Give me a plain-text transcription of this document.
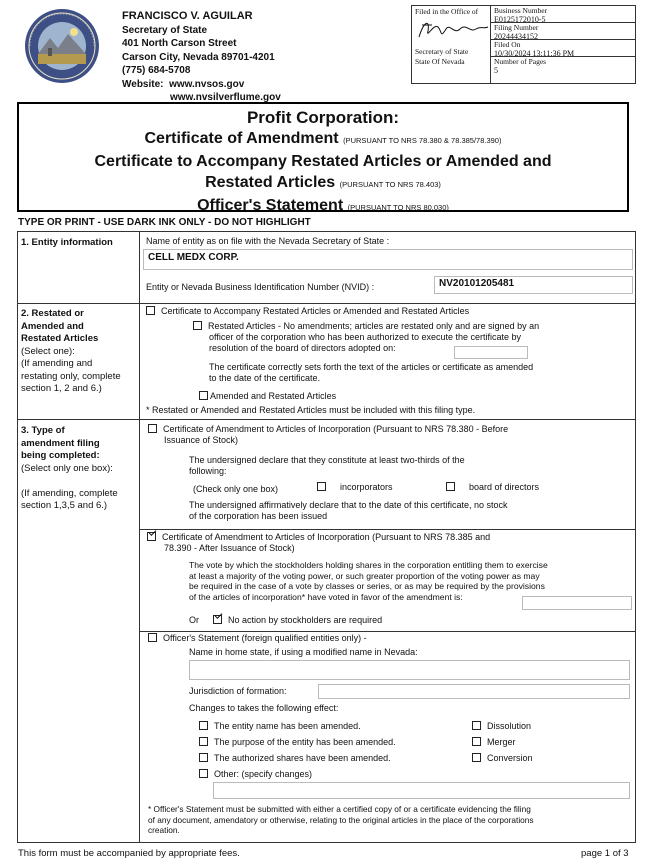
FRANCISCO V. AGUILAR
Secretary of State
401 North Carson Street
Carson City, Nevada 89701-4201
(775) 684-5708
Website: www.nvsos.gov
www.nvsilverflume.gov
Filed in the Office of
Secretary of State
State Of Nevada
Business Number
E0125172010-5
Filing Number
20244434152
Filed On
10/30/2024 13:11:36 PM
Number of Pages
5
Profit Corporation:
Certificate of Amendment (PURSUANT TO NRS 78.380 & 78.385/78.390)
Certificate to Accompany Restated Articles or Amended and
Restated Articles (PURSUANT TO NRS 78.403)
Officer's Statement (PURSUANT TO NRS 80.030)
TYPE OR PRINT - USE DARK INK ONLY - DO NOT HIGHLIGHT
1. Entity information	Name of entity as on file with the Nevada Secretary of State :
CELL MEDX CORP.
Entity or Nevada Business Identification Number (NVID) :	NV20101205481
2. Restated or
Amended and
Restated Articles
(Select one):
(If amending and
restating only, complete
section 1, 2 and 6.)
Certificate to Accompany Restated Articles or Amended and Restated Articles
Restated Articles - No amendments; articles are restated only and are signed by an
officer of the corporation who has been authorized to execute the certificate by
resolution of the board of directors adopted on:
The certificate correctly sets forth the text of the articles or certificate as amended
to the date of the certificate.
Amended and Restated Articles
* Restated or Amended and Restated Articles must be included with this filing type.
3. Type of
amendment filing
being completed:
(Select only one box):

(If amending, complete
section 1,3,5 and 6.)
Certificate of Amendment to Articles of Incorporation (Pursuant to NRS 78.380 - Before
Issuance of Stock)
The undersigned declare that they constitute at least two-thirds of the
following:
(Check only one box)	incorporators	board of directors
The undersigned affirmatively declare that to the date of this certificate, no stock
of the corporation has been issued
Certificate of Amendment to Articles of Incorporation (Pursuant to NRS 78.385 and
78.390 - After Issuance of Stock)
The vote by which the stockholders holding shares in the corporation entitling them to exercise
at least a majority of the voting power, or such greater proportion of the voting power as may
be required in the case of a vote by classes or series, or as may be required by the provisions
of the articles of incorporation* have voted in favor of the amendment is:
Or	No action by stockholders are required
Officer's Statement (foreign qualified entities only) -
Name in home state, if using a modified name in Nevada:
Jurisdiction of formation:
Changes to takes the following effect:
The entity name has been amended.
The purpose of the entity has been amended.
The authorized shares have been amended.
Other: (specify changes)
Dissolution
Merger
Conversion
* Officer's Statement must be submitted with either a certified copy of or a certificate evidencing the filing
of any document, amendatory or otherwise, relating to the original articles in the place of the corporations
creation.
This form must be accompanied by appropriate fees.	page 1 of 3
